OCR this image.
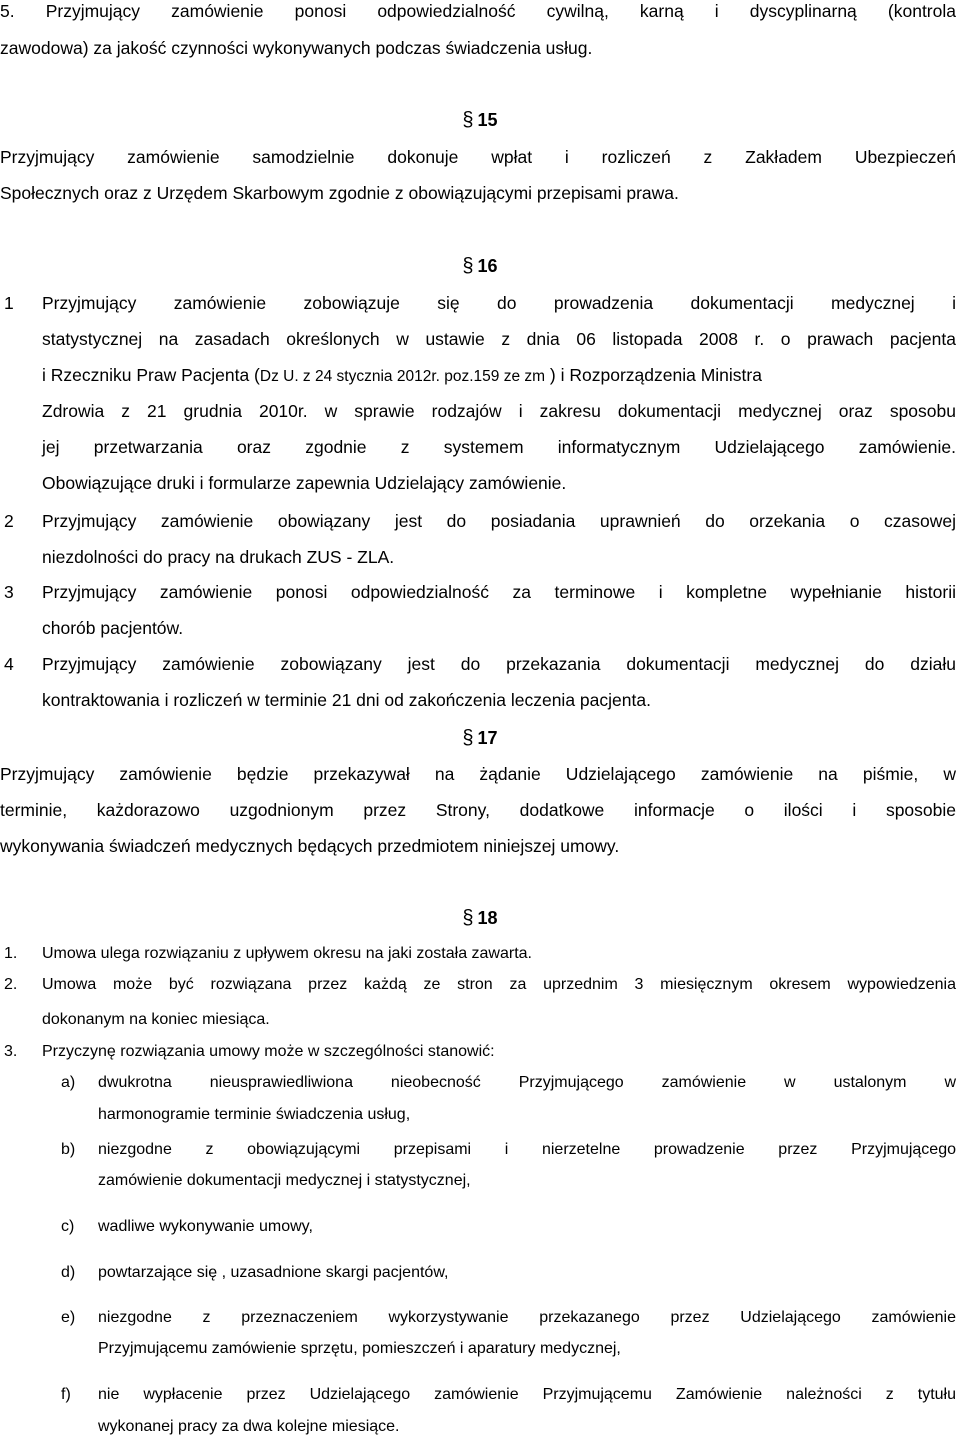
5. Przyjmujący zamówienie ponosi odpowiedzialność cywilną, karną i dyscyplinarną (kontrola
zawodowa) za jakość czynności wykonywanych podczas świadczenia usług.
§ 15
Przyjmujący zamówienie samodzielnie dokonuje wpłat i rozliczeń z Zakładem Ubezpieczeń
Społecznych oraz z Urzędem Skarbowym zgodnie z obowiązującymi przepisami prawa.
§ 16
1 Przyjmujący zamówienie zobowiązuje się do prowadzenia dokumentacji medycznej i
statystycznej na zasadach określonych w ustawie z dnia 06 listopada 2008 r. o prawach pacjenta
i Rzeczniku Praw Pacjenta (Dz U. z 24 stycznia 2012r. poz.159 ze zm ) i Rozporządzenia Ministra
Zdrowia z 21 grudnia 2010r. w sprawie rodzajów i zakresu dokumentacji medycznej oraz sposobu
jej przetwarzania oraz zgodnie z systemem informatycznym Udzielającego zamówienie.
Obowiązujące druki i formularze zapewnia Udzielający zamówienie.
2 Przyjmujący zamówienie obowiązany jest do posiadania uprawnień do orzekania o czasowej
niezdolności do pracy na drukach ZUS - ZLA.
3 Przyjmujący zamówienie ponosi odpowiedzialność za terminowe i kompletne wypełnianie historii
chorób pacjentów.
4 Przyjmujący zamówienie zobowiązany jest do przekazania dokumentacji medycznej do działu
kontraktowania i rozliczeń w terminie 21 dni od zakończenia leczenia pacjenta.
§ 17
Przyjmujący zamówienie będzie przekazywał na żądanie Udzielającego zamówienie na piśmie, w
terminie, każdorazowo uzgodnionym przez Strony, dodatkowe informacje o ilości i sposobie
wykonywania świadczeń medycznych będących przedmiotem niniejszej umowy.
§ 18
1. Umowa ulega rozwiązaniu z upływem okresu na jaki została zawarta.
2. Umowa może być rozwiązana przez każdą ze stron za uprzednim 3 miesięcznym okresem wypowiedzenia
dokonanym na koniec miesiąca.
3. Przyczynę rozwiązania umowy może w szczególności stanowić:
a) dwukrotna nieusprawiedliwiona nieobecność Przyjmującego zamówienie w ustalonym w
harmonogramie terminie świadczenia usług,
b) niezgodne z obowiązującymi przepisami i nierzetelne prowadzenie przez Przyjmującego
zamówienie dokumentacji medycznej i statystycznej,
c) wadliwe wykonywanie umowy,
d) powtarzające się , uzasadnione skargi pacjentów,
e) niezgodne z przeznaczeniem wykorzystywanie przekazanego przez Udzielającego zamówienie
Przyjmującemu zamówienie sprzętu, pomieszczeń i aparatury medycznej,
f) nie wypłacenie przez Udzielającego zamówienie Przyjmującemu Zamówienie należności z tytułu
wykonanej pracy za dwa kolejne miesiące.
